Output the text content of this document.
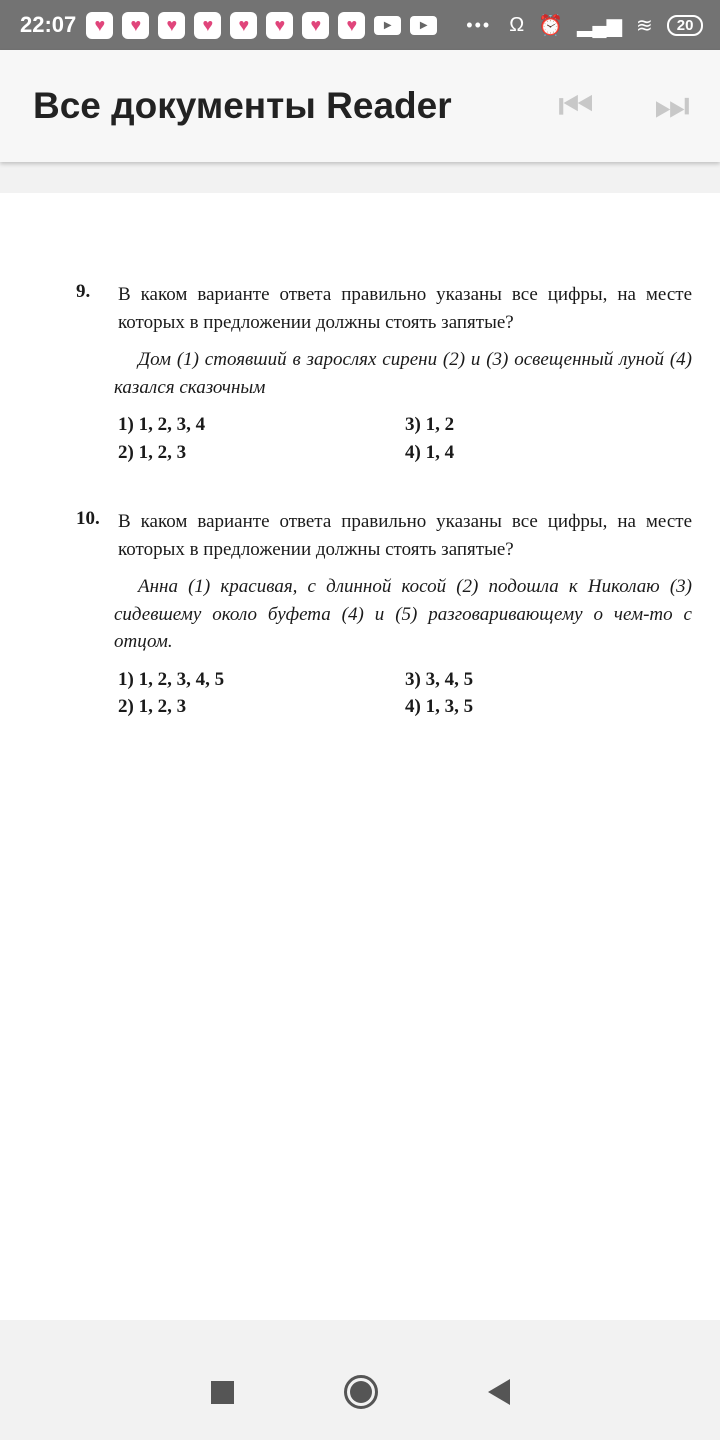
22:07	♥	♥	♥	♥	♥	♥	♥	♥	▶	▶	••• Ω ⏰ ▂▄▆ ≋	20
Все документы Reader	⏮ ⏭
9. В каком варианте ответа правильно указаны все цифры, на месте которых в предложении должны стоять запятые?
Дом (1) стоявший в зарослях сирени (2) и (3) освещенный луной (4) казался сказочным
1) 1, 2, 3, 4	3) 1, 2
2) 1, 2, 3	4) 1, 4
10. В каком варианте ответа правильно указаны все цифры, на месте которых в предложении должны стоять запятые?
Анна (1) красивая, с длинной косой (2) подошла к Николаю (3) сидевшему около буфета (4) и (5) разговаривающему о чем-то с отцом.
1) 1, 2, 3, 4, 5	3) 3, 4, 5
2) 1, 2, 3	4) 1, 3, 5
